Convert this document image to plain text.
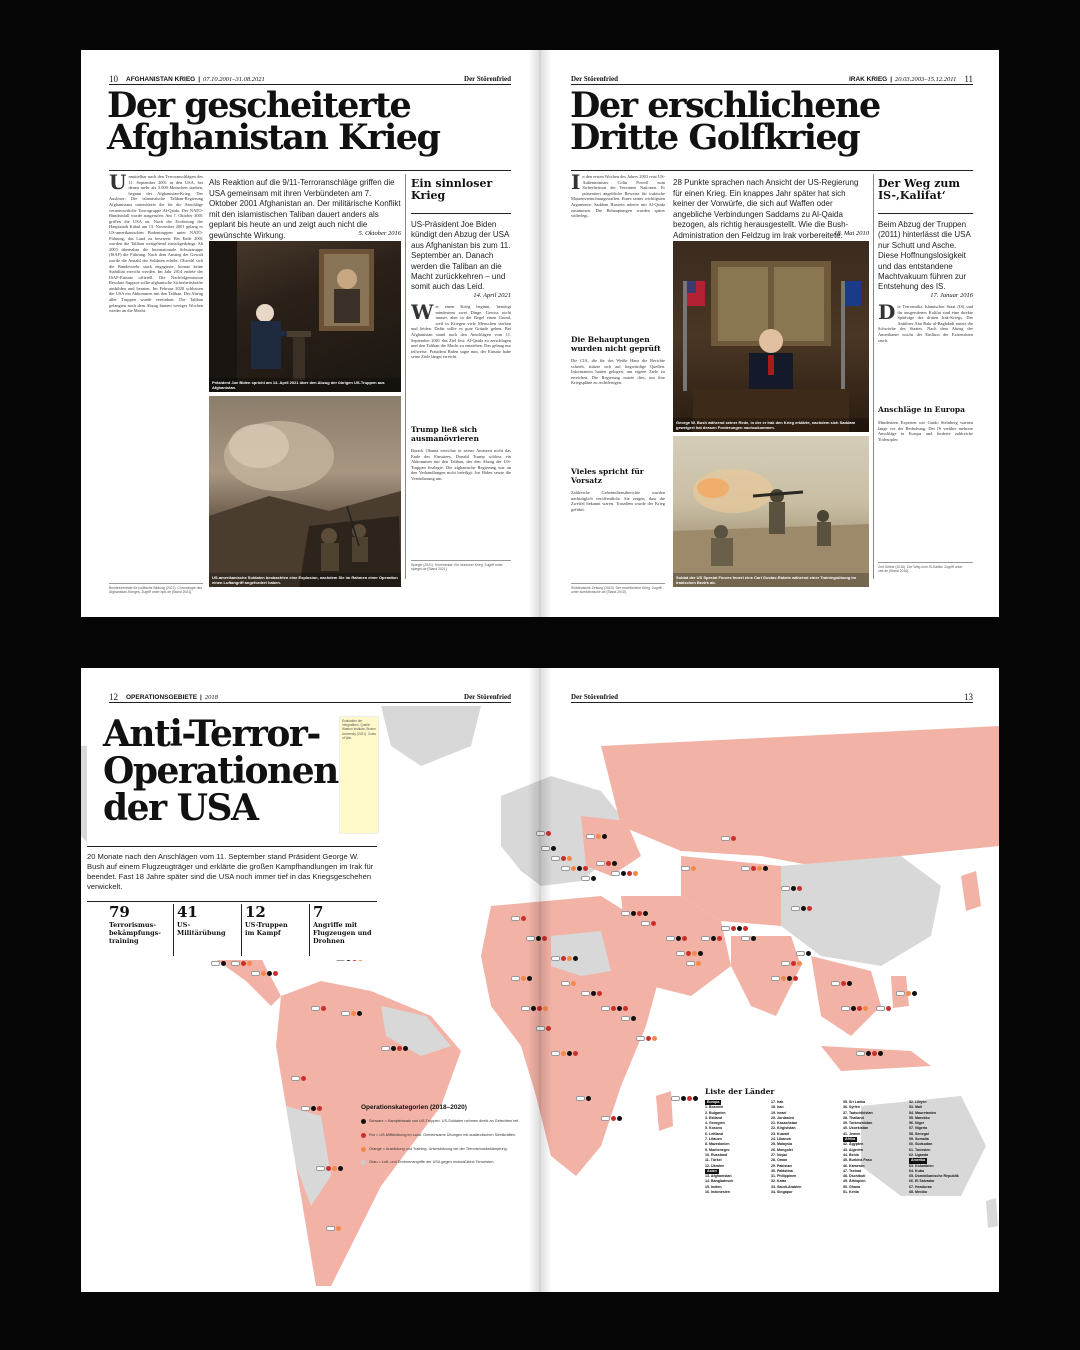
10 AFGHANISTAN KRIEG | 07.10.2001–31.08.2021	Der Störenfried
Der gescheiterte
Afghanistan Krieg
Unmittelbar nach den Terroranschlägen des 11. September 2001 in den USA, bei denen mehr als 3.000 Menschen starben, begann der Afghanistan-Krieg. Der Auslöser: Die islamistische Taliban-Regierung Afghanistans unterstützte die für die Anschläge verantwortliche Terrorgruppe Al-Qaida. Der NATO-Bündnisfall wurde ausgerufen. Am 7. Oktober 2001 griffen die USA an. Nach der Eroberung der Hauptstadt Kabul am 13. November 2001 gelang es US-amerikanischen Bodentruppen unter NATO-Führung, das Land zu besetzen. Bis Ende 2001 wurden die Taliban weitgehend zurückgedrängt. Ab 2003 übernahm die Internationale Schutztruppe (ISAF) die Führung. Nach dem Anstieg der Gewalt wurde die Anzahl der Soldaten erhöht. Obwohl sich die Bundeswehr stark engagierte, konnte keine Stabilität erreicht werden. Im Jahr 2014 endete der ISAF-Einsatz offiziell. Die Nachfolgemission Resolute Support sollte afghanische Sicherheitskräfte ausbilden und beraten. Im Februar 2020 schlossen die USA ein Abkommen mit den Taliban. Der Abzug aller Truppen wurde vereinbart. Die Taliban gelangten nach dem Abzug binnen weniger Wochen wieder an die Macht.
Bundeszentrale für politische Bildung (2021). Chronologie des Afghanistan-Krieges. Zugriff unter bpb.de [Stand 2021].
Als Reaktion auf die 9/11-Terroranschläge griffen die USA gemeinsam mit ihren Verbündeten am 7. Oktober 2001 Afghanistan an. Der militärische Konflikt mit den islamistischen Taliban dauert anders als geplant bis heute an und zeigt auch nicht die gewünschte Wirkung.	5. Oktober 2016
Präsident Joe Biden spricht am 14. April 2021 über den Abzug der übrigen US-Truppen aus Afghanistan.
US-amerikanische Soldaten beobachten eine Explosion, nachdem Sie im Rahmen einer Operation einen Luftangriff angefordert haben.
Ein sinnloser Krieg
US-Präsident Joe Biden kündigt den Abzug der USA aus Afghanistan bis zum 11. September an. Danach werden die Taliban an die Macht zurückkehren – und somit auch das Leid.
14. April 2021
Wer einen Krieg beginnt, benötigt mindestens zwei Dinge. Gewiss nicht immer, aber in der Regel einen Grund, weil in Kriegen viele Menschen sterben und leiden. Dafür sollte es gute Gründe geben. Bei Afghanistan stand nach den Anschlägen vom 11. September 2001 das Ziel fest: Al-Qaida zu zerschlagen und den Taliban die Macht zu entziehen. Das gelang nur teilweise. Präsident Biden sagte nun, der Einsatz habe seine Ziele längst erreicht.
Trump ließ sich ausmanövrieren
Barack Obama erreichte in seiner Amtszeit nicht das Ende des Einsatzes. Donald Trump schloss ein Abkommen mit den Taliban, das den Abzug der US-Truppen festlegte. Die afghanische Regierung war an den Verhandlungen nicht beteiligt. Joe Biden setzte die Vereinbarung um.
Spiegel (2021). Kommentar: Ein sinnloser Krieg. Zugriff unter spiegel.de [Stand 2021].
Der Störenfried	IRAK KRIEG | 20.03.2003–15.12.2011 11
Der erschlichene
Dritte Golfkrieg
In den ersten Wochen des Jahres 2003 reist US-Außenminister Colin Powell zum Sicherheitsrat der Vereinten Nationen. Er präsentiert angebliche Beweise für irakische Massenvernichtungswaffen. Eines seiner wichtigsten Argumente: Saddam Hussein arbeite mit Al-Qaida zusammen. Die Behauptungen wurden später widerlegt.
Die Behauptungen wurden nicht geprüft
Die CIA, die für das Weiße Haus die Berichte schrieb, stützte sich auf fragwürdige Quellen. Informanten hatten gelogen, um eigene Ziele zu erreichen. Die Regierung nutzte dies, um ihre Kriegspläne zu rechtfertigen.
Vieles spricht für Vorsatz
Zahlreiche Geheimdienstberichte wurden nachträglich veröffentlicht. Sie zeigen, dass die Zweifel bekannt waren. Trotzdem wurde der Krieg geführt.
Süddeutsche Zeitung (2010). Der erschlichene Krieg. Zugriff unter sueddeutsche.de [Stand 2010].
28 Punkte sprachen nach Ansicht der US-Regierung für einen Krieg. Ein knappes Jahr später hat sich keiner der Vorwürfe, die sich auf Waffen oder angebliche Verbindungen Saddams zu Al-Qaida bezogen, als richtig herausgestellt. Wie die Bush-Administration den Feldzug im Irak vorbereitete.
18. Mai 2010
George W. Bush während seiner Rede, in der er Irak den Krieg erklärte, nachdem sich Saddam geweigert hat dessen Forderungen nachzukommen.
Soldat der US Special Forces feuert eine Carl Gustav-Rakete während einer Trainingsübung im irakischen Bezirk ab.
Der Weg zum IS-‚Kalifat‘
Beim Abzug der Truppen (2011) hinterlässt die USA nur Schutt und Asche. Diese Hoffnungslosigkeit und das entstandene Machtvakuum führen zur Entstehung des IS.
17. Januar 2016
Die Terrormiliz Islamischer Staat (IS) und ihr ausgerufenes Kalifat sind eine direkte Spätfolge des dritten Irak-Kriegs. Der Anführer Abu Bakr al-Baghdadi nutzte die Schwäche des Staates. Nach dem Abzug der Amerikaner wuchs der Einfluss der Extremisten rasch.
Anschläge in Europa
Mindestens Experten wie Guido Steinberg warnen lange vor der Bedrohung. Der IS verübte mehrere Anschläge in Europa und forderte zahlreiche Todesopfer.
Zeit Online (2016). Der Weg zum IS-Kalifat. Zugriff unter zeit.de [Stand 2016].
12 OPERATIONSGEBIETE | 2018	Der Störenfried	Der Störenfried	13
Anti-Terror-
Operationen
der USA
Evaluation der Infografiken. Quelle: Watson Institute, Brown University (2021). Costs of War.
20 Monate nach den Anschlägen vom 11. September stand Präsident George W. Bush auf einem Flugzeugträger und erklärte die großen Kampfhandlungen im Irak für beendet. Fast 18 Jahre später sind die USA noch immer tief in das Kriegsgeschehen verwickelt.
79
Terrorismus-bekämpfungs-training
41
US-Militärübung
12
US-Truppen im Kampf
7
Angriffe mit Flugzeugen und Drohnen
Operationskategorien (2018–2020)
Schwarz = Kampfeinsatz von US-Truppen. US-Soldaten nehmen direkt an Gefechten teil.
Rot = US-Militärübung im Land. Gemeinsame Übungen mit ausländischen Streitkräften.
Orange = Ausbildung und Training. Unterstützung bei der Terrorismusbekämpfung.
Grau = Luft- und Drohnenangriffe der USA gegen mutmaßliche Terroristen.
Liste der Länder
Europa
1. Bosnien
2. Bulgarien
3. Estland
4. Georgien
5. Kosovo
6. Lettland
7. Litauen
8. Mazedonien
9. Montenegro
10. Russland
11. Türkei
12. Ukraine
Asien
13. Afghanistan
14. Bangladesch
15. Indien
16. Indonesien
17. Irak
18. Iran
19. Israel
20. Jordanien
21. Kasachstan
22. Kirgisistan
23. Kuwait
24. Libanon
25. Malaysia
26. Mongolei
27. Nepal
28. Oman
29. Pakistan
30. Palästina
31. Philippinen
32. Katar
33. Saudi-Arabien
34. Singapur
35. Sri Lanka
36. Syrien
37. Tadschikistan
38. Thailand
39. Turkmenistan
40. Usbekistan
41. Jemen
Afrika
42. Ägypten
43. Algerien
44. Benin
45. Burkina Faso
46. Kamerun
47. Tschad
48. Dschibuti
49. Äthiopien
50. Ghana
51. Kenia
52. Libyen
53. Mali
54. Mauretanien
55. Marokko
56. Niger
57. Nigeria
58. Senegal
59. Somalia
60. Südsudan
61. Tunesien
62. Uganda
Amerika
63. Kolumbien
64. Kuba
65. Dominikanische Republik
66. El Salvador
67. Honduras
68. Mexiko
